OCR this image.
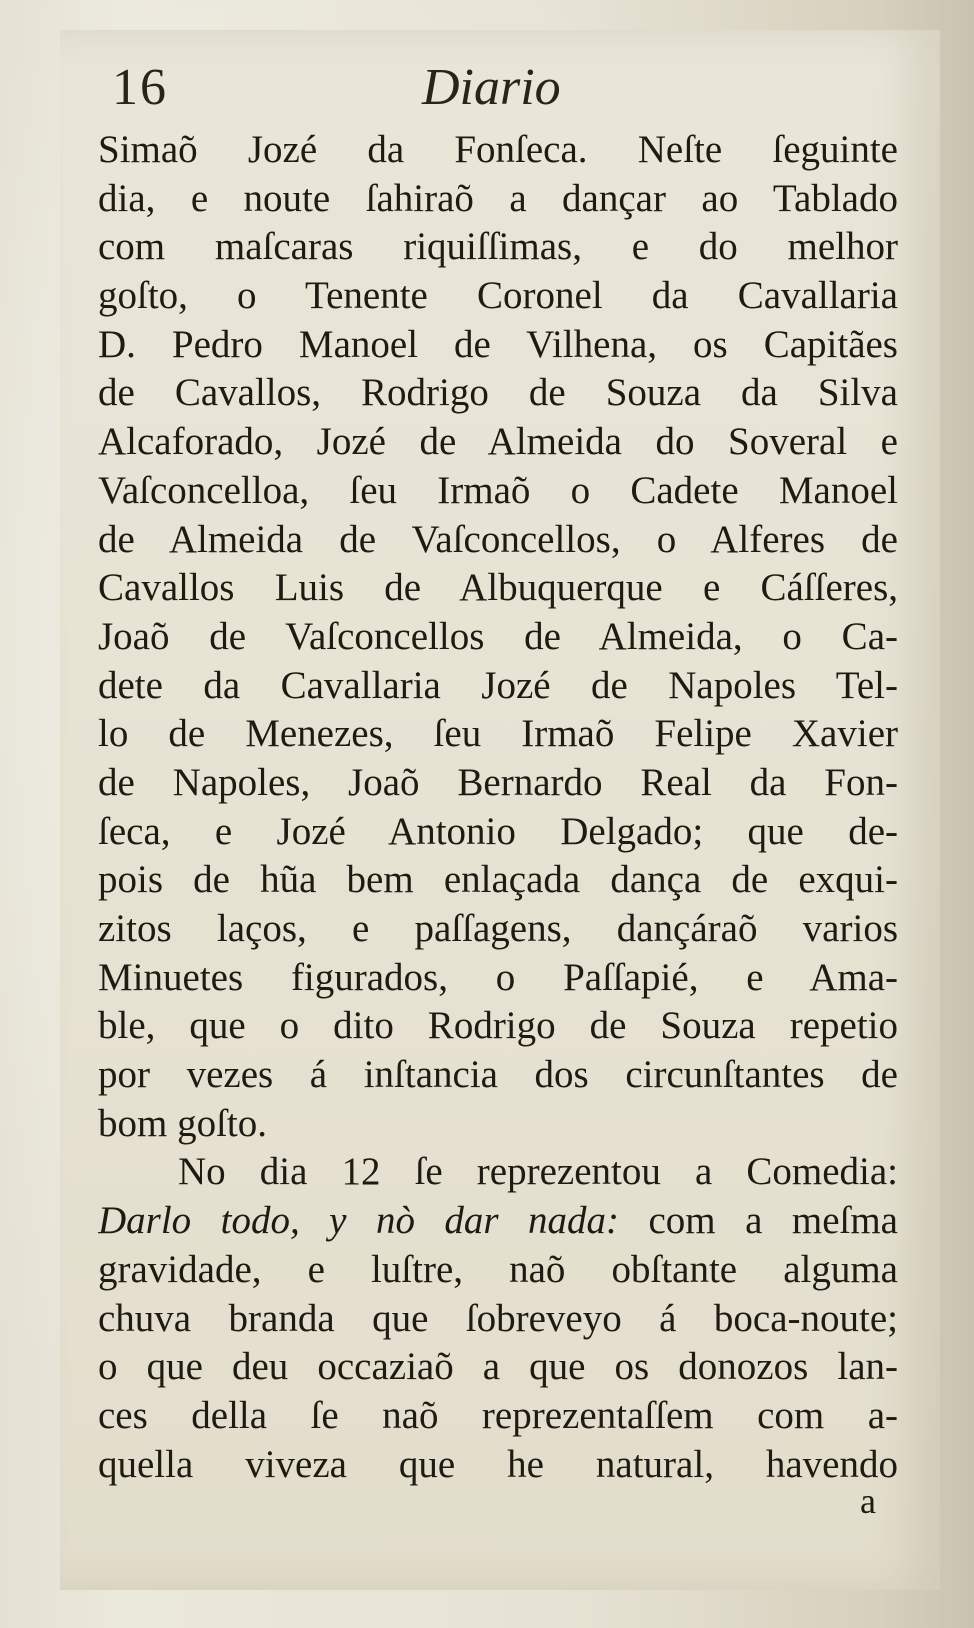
16	Diario
Simaõ Jozé da Fonſeca. Neſte ſeguinte
dia, e noute ſahiraõ a dançar ao Tablado
com maſcaras riquiſſimas, e do melhor
goſto, o Tenente Coronel da Cavallaria
D. Pedro Manoel de Vilhena, os Capitães
de Cavallos, Rodrigo de Souza da Silva
Alcaforado, Jozé de Almeida do Soveral e
Vaſconcelloa, ſeu Irmaõ o Cadete Manoel
de Almeida de Vaſconcellos, o Alferes de
Cavallos Luis de Albuquerque e Cáſſeres,
Joaõ de Vaſconcellos de Almeida, o Ca-
dete da Cavallaria Jozé de Napoles Tel-
lo de Menezes, ſeu Irmaõ Felipe Xavier
de Napoles, Joaõ Bernardo Real da Fon-
ſeca, e Jozé Antonio Delgado; que de-
pois de hũa bem enlaçada dança de exqui-
zitos laços, e paſſagens, dançáraõ varios
Minuetes figurados, o Paſſapié, e Ama-
ble, que o dito Rodrigo de Souza repetio
por vezes á inſtancia dos circunſtantes de
bom goſto.
No dia 12 ſe reprezentou a Comedia:
Darlo todo, y nò dar nada: com a meſma
gravidade, e luſtre, naõ obſtante alguma
chuva branda que ſobreveyo á boca-noute;
o que deu occaziaõ a que os donozos lan-
ces della ſe naõ reprezentaſſem com a-
quella viveza que he natural, havendo
a
